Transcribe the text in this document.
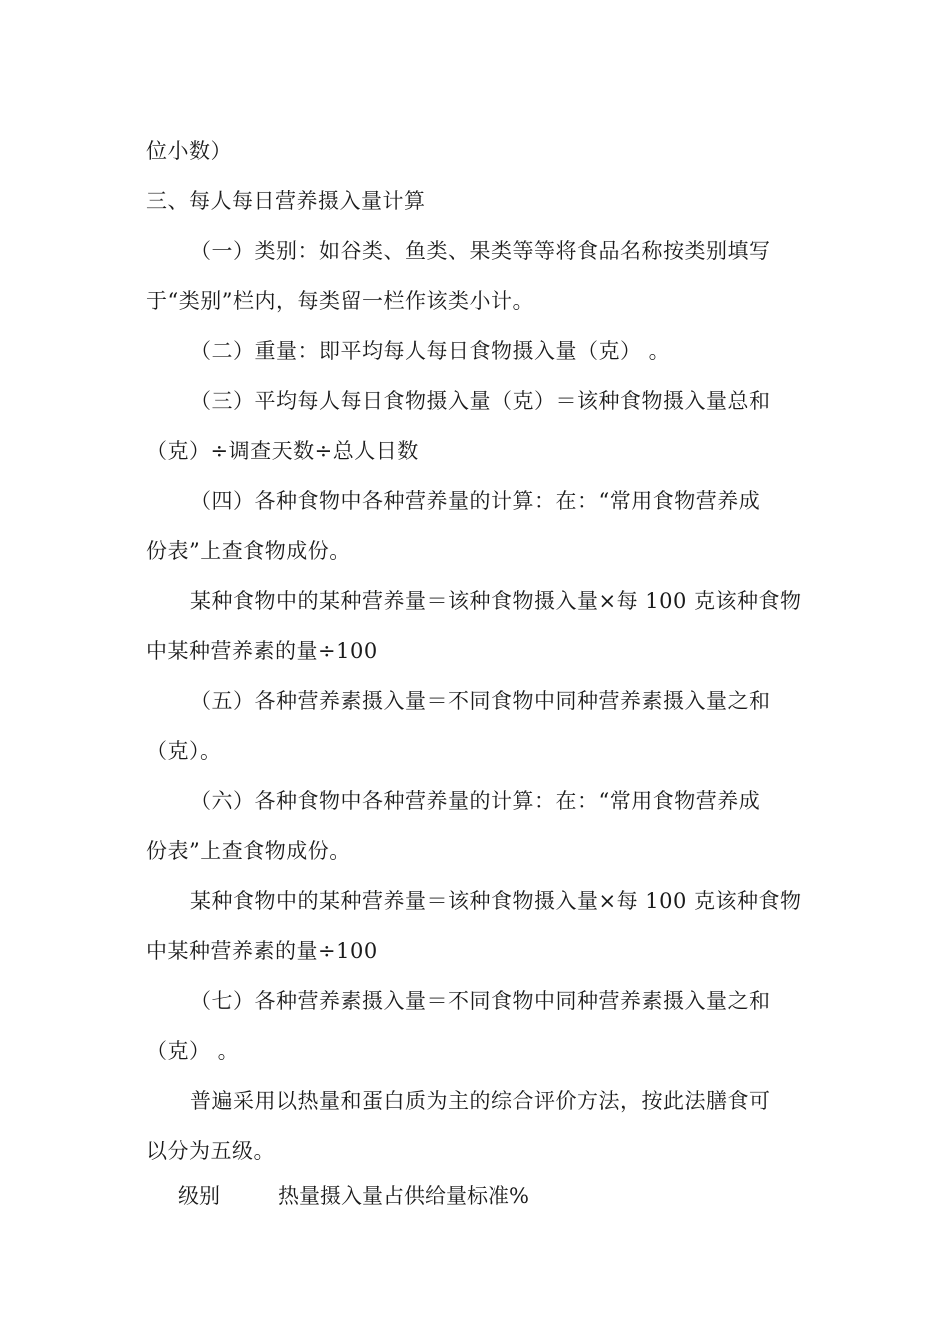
位小数）
三、每人每日营养摄入量计算
（一）类别：如谷类、鱼类、果类等等将食品名称按类别填写
于“类别”栏内，每类留一栏作该类小计。
（二）重量：即平均每人每日食物摄入量（克） 。
（三）平均每人每日食物摄入量（克）＝该种食物摄入量总和
（克）÷调查天数÷总人日数
（四）各种食物中各种营养量的计算：在：“常用食物营养成
份表”上查食物成份。
某种食物中的某种营养量＝该种食物摄入量×每 100 克该种食物
中某种营养素的量÷100
（五）各种营养素摄入量＝不同食物中同种营养素摄入量之和
（克）。
（六）各种食物中各种营养量的计算：在：“常用食物营养成
份表”上查食物成份。
某种食物中的某种营养量＝该种食物摄入量×每 100 克该种食物
中某种营养素的量÷100
（七）各种营养素摄入量＝不同食物中同种营养素摄入量之和
（克） 。
普遍采用以热量和蛋白质为主的综合评价方法，按此法膳食可
以分为五级。
级别	热量摄入量占供给量标准%
